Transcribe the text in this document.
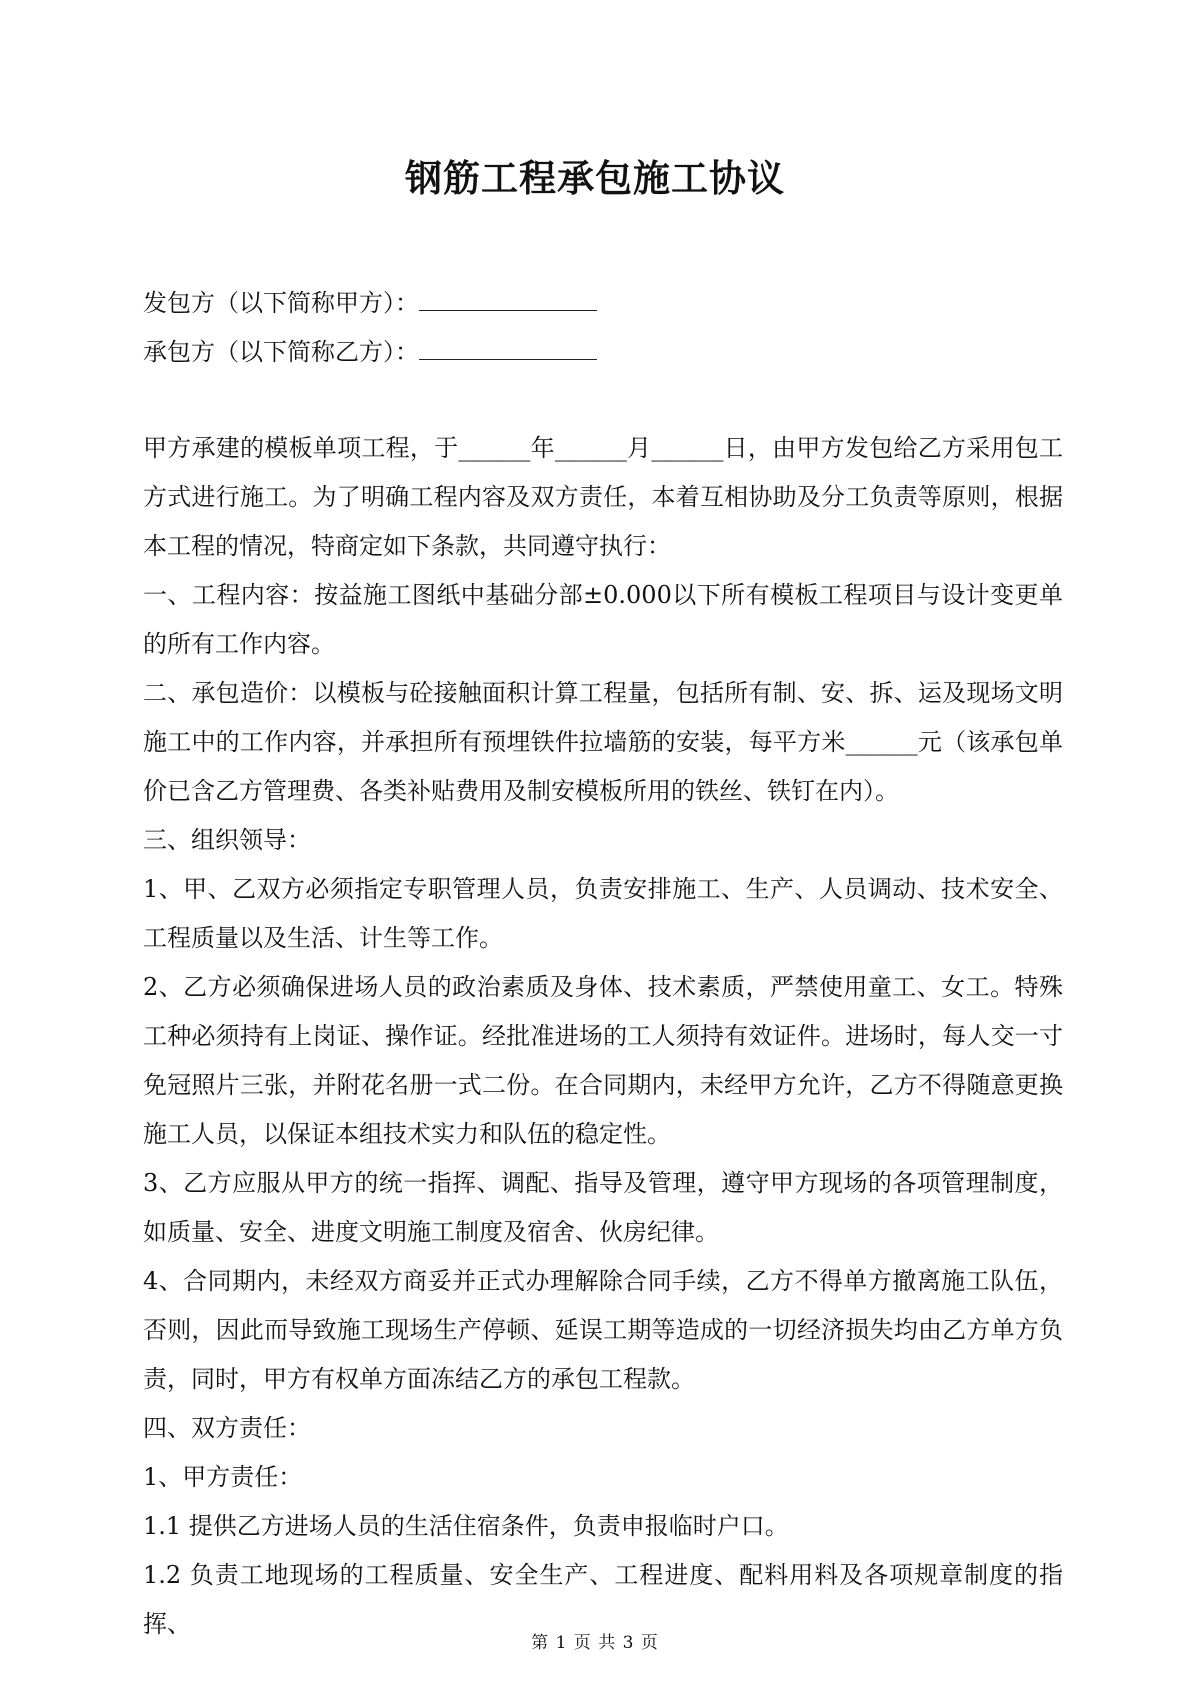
钢筋工程承包施工协议
发包方（以下简称甲方）：
承包方（以下简称乙方）：

甲方承建的模板单项工程，于______年______月______日，由甲方发包给乙方采用包工方式进行施工。为了明确工程内容及双方责任，本着互相协助及分工负责等原则，根据本工程的情况，特商定如下条款，共同遵守执行：

一、工程内容：按益施工图纸中基础分部±0.000以下所有模板工程项目与设计变更单的所有工作内容。

二、承包造价：以模板与砼接触面积计算工程量，包括所有制、安、拆、运及现场文明施工中的工作内容，并承担所有预埋铁件拉墙筋的安装，每平方米______元（该承包单价已含乙方管理费、各类补贴费用及制安模板所用的铁丝、铁钉在内）。

三、组织领导：

1、甲、乙双方必须指定专职管理人员，负责安排施工、生产、人员调动、技术安全、工程质量以及生活、计生等工作。

2、乙方必须确保进场人员的政治素质及身体、技术素质，严禁使用童工、女工。特殊工种必须持有上岗证、操作证。经批准进场的工人须持有效证件。进场时，每人交一寸免冠照片三张，并附花名册一式二份。在合同期内，未经甲方允许，乙方不得随意更换施工人员，以保证本组技术实力和队伍的稳定性。

3、乙方应服从甲方的统一指挥、调配、指导及管理，遵守甲方现场的各项管理制度，如质量、安全、进度文明施工制度及宿舍、伙房纪律。

4、合同期内，未经双方商妥并正式办理解除合同手续，乙方不得单方撤离施工队伍，否则，因此而导致施工现场生产停顿、延误工期等造成的一切经济损失均由乙方单方负责，同时，甲方有权单方面冻结乙方的承包工程款。

四、双方责任：

1、甲方责任：

1.1 提供乙方进场人员的生活住宿条件，负责申报临时户口。

1.2 负责工地现场的工程质量、安全生产、工程进度、配料用料及各项规章制度的指挥、

第 1 页 共 3 页
